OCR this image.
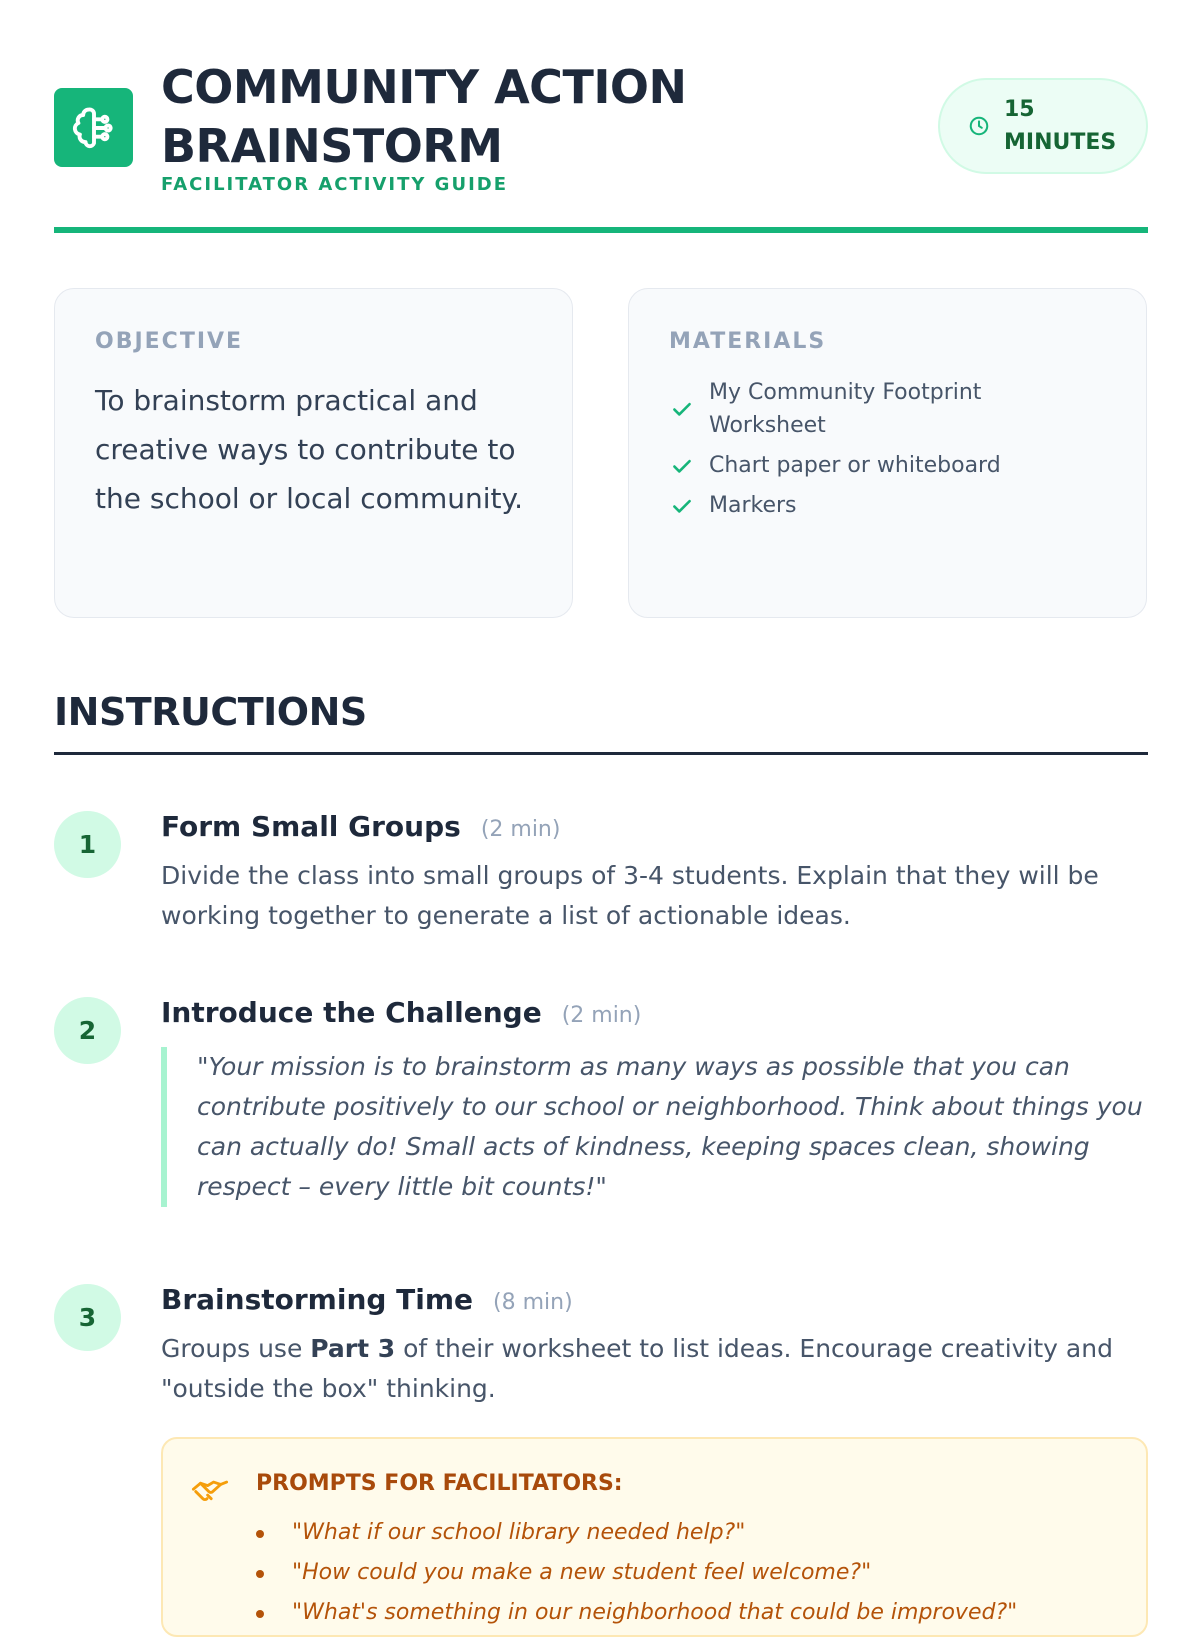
COMMUNITY ACTION BRAINSTORM
FACILITATOR ACTIVITY GUIDE
15 MINUTES
OBJECTIVE
To brainstorm practical and creative ways to contribute to the school or local community.
MATERIALS
My Community Footprint Worksheet
Chart paper or whiteboard
Markers
INSTRUCTIONS
1
Form Small Groups (2 min)
Divide the class into small groups of 3-4 students. Explain that they will be working together to generate a list of actionable ideas.
2
Introduce the Challenge (2 min)
"Your mission is to brainstorm as many ways as possible that you can contribute positively to our school or neighborhood. Think about things you can actually do! Small acts of kindness, keeping spaces clean, showing respect – every little bit counts!"
3
Brainstorming Time (8 min)
Groups use Part 3 of their worksheet to list ideas. Encourage creativity and "outside the box" thinking.
PROMPTS FOR FACILITATORS:
"What if our school library needed help?"
"How could you make a new student feel welcome?"
"What's something in our neighborhood that could be improved?"
